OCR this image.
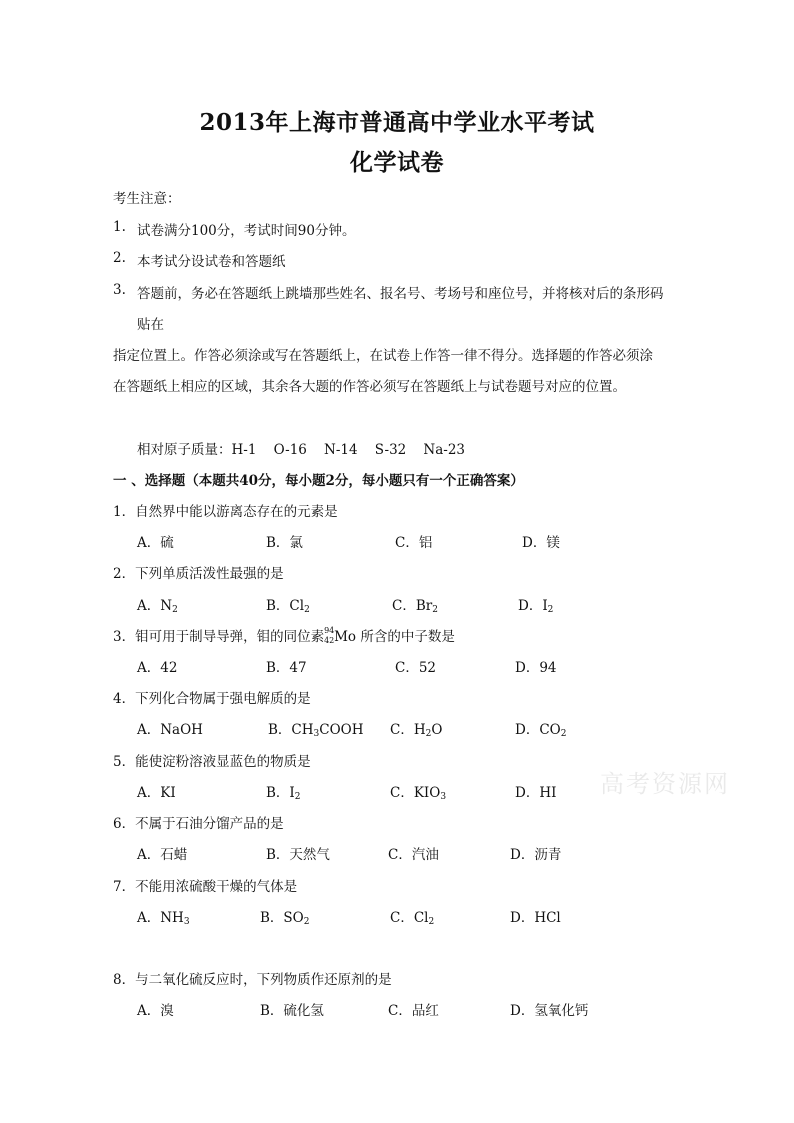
2013年上海市普通高中学业水平考试
化学试卷
考生注意：
1. 试卷满分100分，考试时间90分钟。
2. 本考试分设试卷和答题纸
3. 答题前，务必在答题纸上跳墙那些姓名、报名号、考场号和座位号，并将核对后的条形码
贴在
指定位置上。作答必须涂或写在答题纸上，在试卷上作答一律不得分。选择题的作答必须涂
在答题纸上相应的区域，其余各大题的作答必须写在答题纸上与试卷题号对应的位置。
相对原子质量：H-1    O-16    N-14    S-32    Na-23
一 、选择题（本题共40分，每小题2分，每小题只有一个正确答案）
1．自然界中能以游离态存在的元素是
A．硫	B．氯	C．铝	D．镁
2．下列单质活泼性最强的是
A．$N_2$	B．$Cl_2$	C．$Br_2$	D．$I_2$
3．钼可用于制导导弹，钼的同位素 94
42 Mo 所含的中子数是
A．42	B．47	C．52	D．94
4．下列化合物属于强电解质的是
A．NaOH	B．$CH_3COOH$ C．$H_2O$	D．$CO_2$
5．能使淀粉溶液显蓝色的物质是
A．KI	B．$I_2$	C．$KIO_3$	D．HI 高考资源网
6．不属于石油分馏产品的是
A．石蜡	B．天然气	C．汽油	D．沥青
7．不能用浓硫酸干燥的气体是
A．$NH_3$	B．$SO_2$	C．$Cl_2$	D．HCl
8．与二氧化硫反应时，下列物质作还原剂的是
A．溴	B．硫化氢	C．品红	D．氢氧化钙
